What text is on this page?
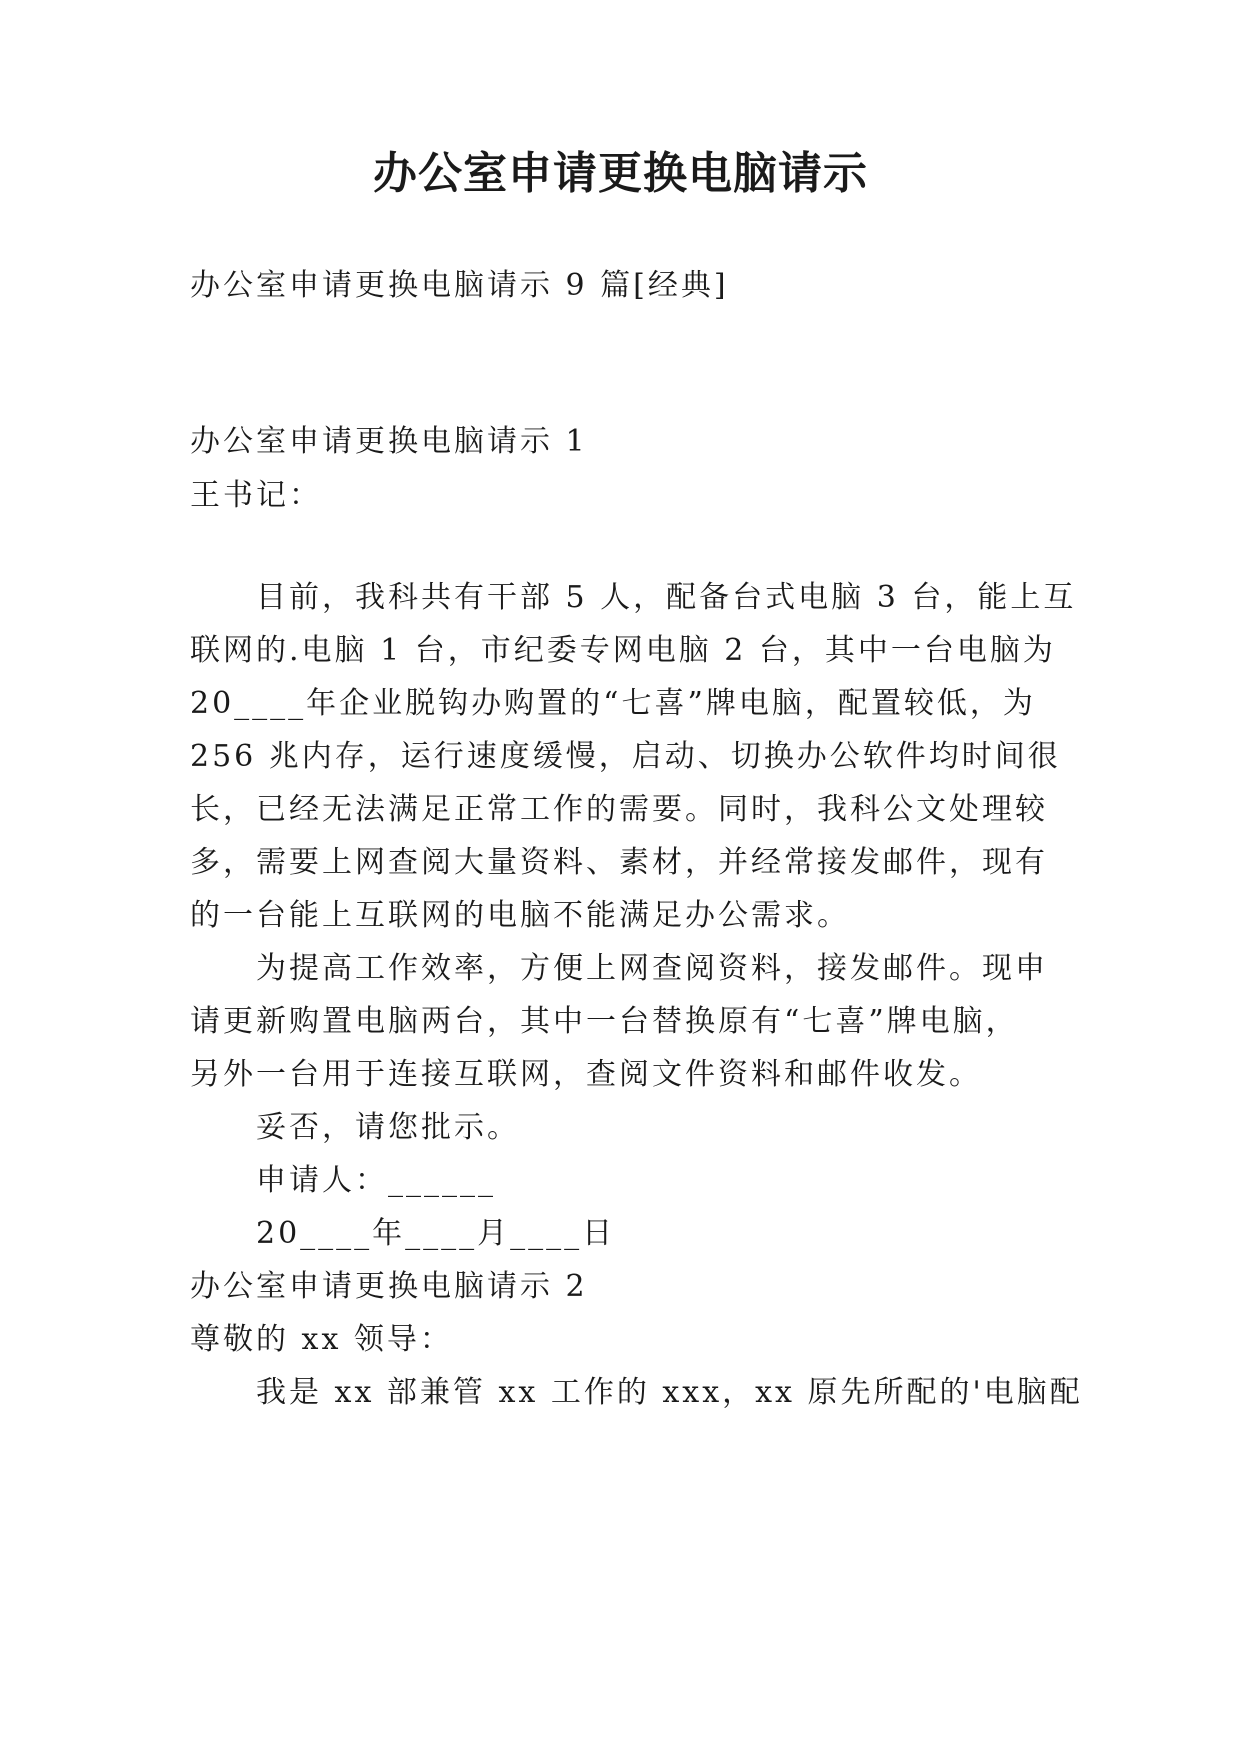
办公室申请更换电脑请示
办公室申请更换电脑请示 9 篇[经典]
办公室申请更换电脑请示 1
王书记：
目前，我科共有干部 5 人，配备台式电脑 3 台，能上互
联网的.电脑 1 台，市纪委专网电脑 2 台，其中一台电脑为
20____年企业脱钩办购置的“七喜”牌电脑，配置较低，为
256 兆内存，运行速度缓慢，启动、切换办公软件均时间很
长，已经无法满足正常工作的需要。同时，我科公文处理较
多，需要上网查阅大量资料、素材，并经常接发邮件，现有
的一台能上互联网的电脑不能满足办公需求。
为提高工作效率，方便上网查阅资料，接发邮件。现申
请更新购置电脑两台，其中一台替换原有“七喜”牌电脑，
另外一台用于连接互联网，查阅文件资料和邮件收发。
妥否，请您批示。
申请人：______
20____年____月____日
办公室申请更换电脑请示 2
尊敬的 xx 领导：
我是 xx 部兼管 xx 工作的 xxx，xx 原先所配的'电脑配
